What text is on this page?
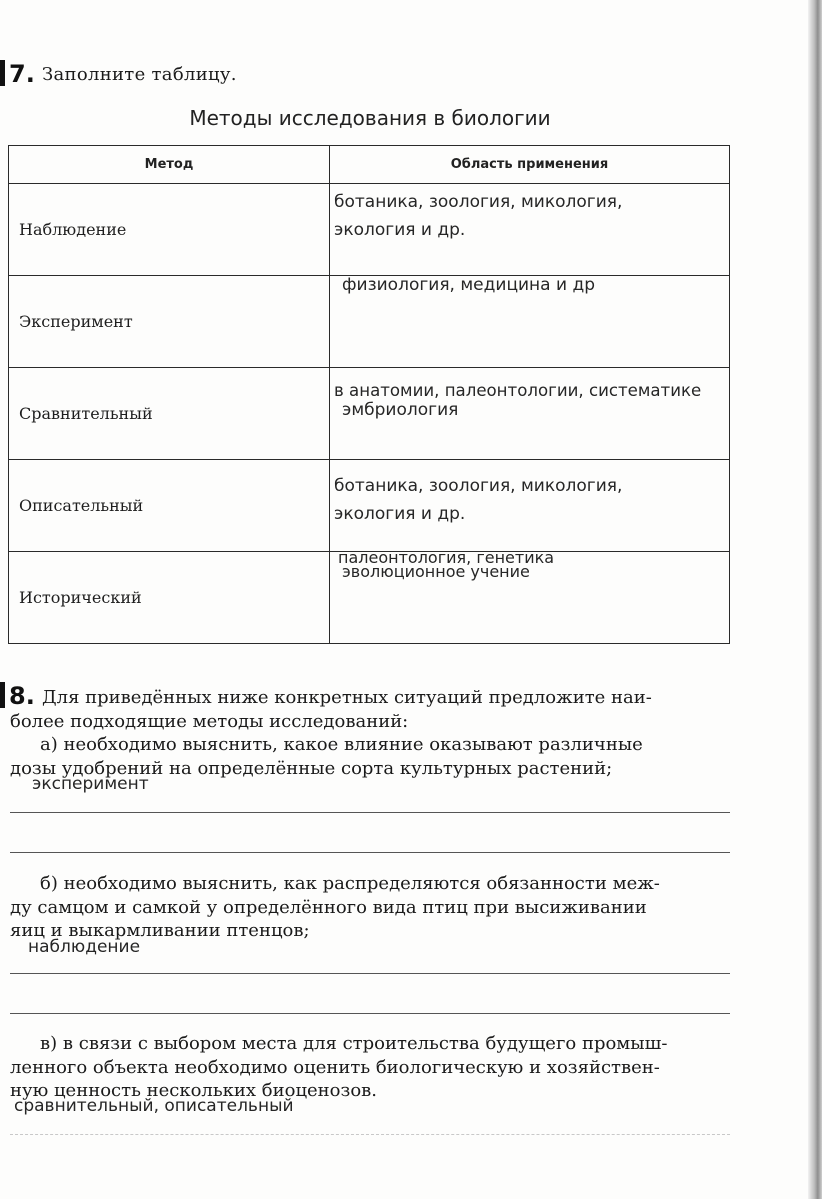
7. Заполните таблицу.
Методы исследования в биологии
Метод	Область применения
Наблюдение	ботаника, зоология, микология,
экология и др.

Эксперимент	физиология, медицина и др

Сравнительный	в анатомии, палеонтологии, систематике
эмбриология

Описательный	ботаника, зоология, микология,
экология и др.

Исторический	палеонтология, генетика
эволюционное учение
8. Для приведённых ниже конкретных ситуаций предложите наи-
более подходящие методы исследований:
а) необходимо выяснить, какое влияние оказывают различные
дозы удобрений на определённые сорта культурных растений;
эксперимент
б) необходимо выяснить, как распределяются обязанности меж-
ду самцом и самкой у определённого вида птиц при высиживании
яиц и выкармливании птенцов;
наблюдение
в) в связи с выбором места для строительства будущего промыш-
ленного объекта необходимо оценить биологическую и хозяйствен-
ную ценность нескольких биоценозов.
сравнительный, описательный
